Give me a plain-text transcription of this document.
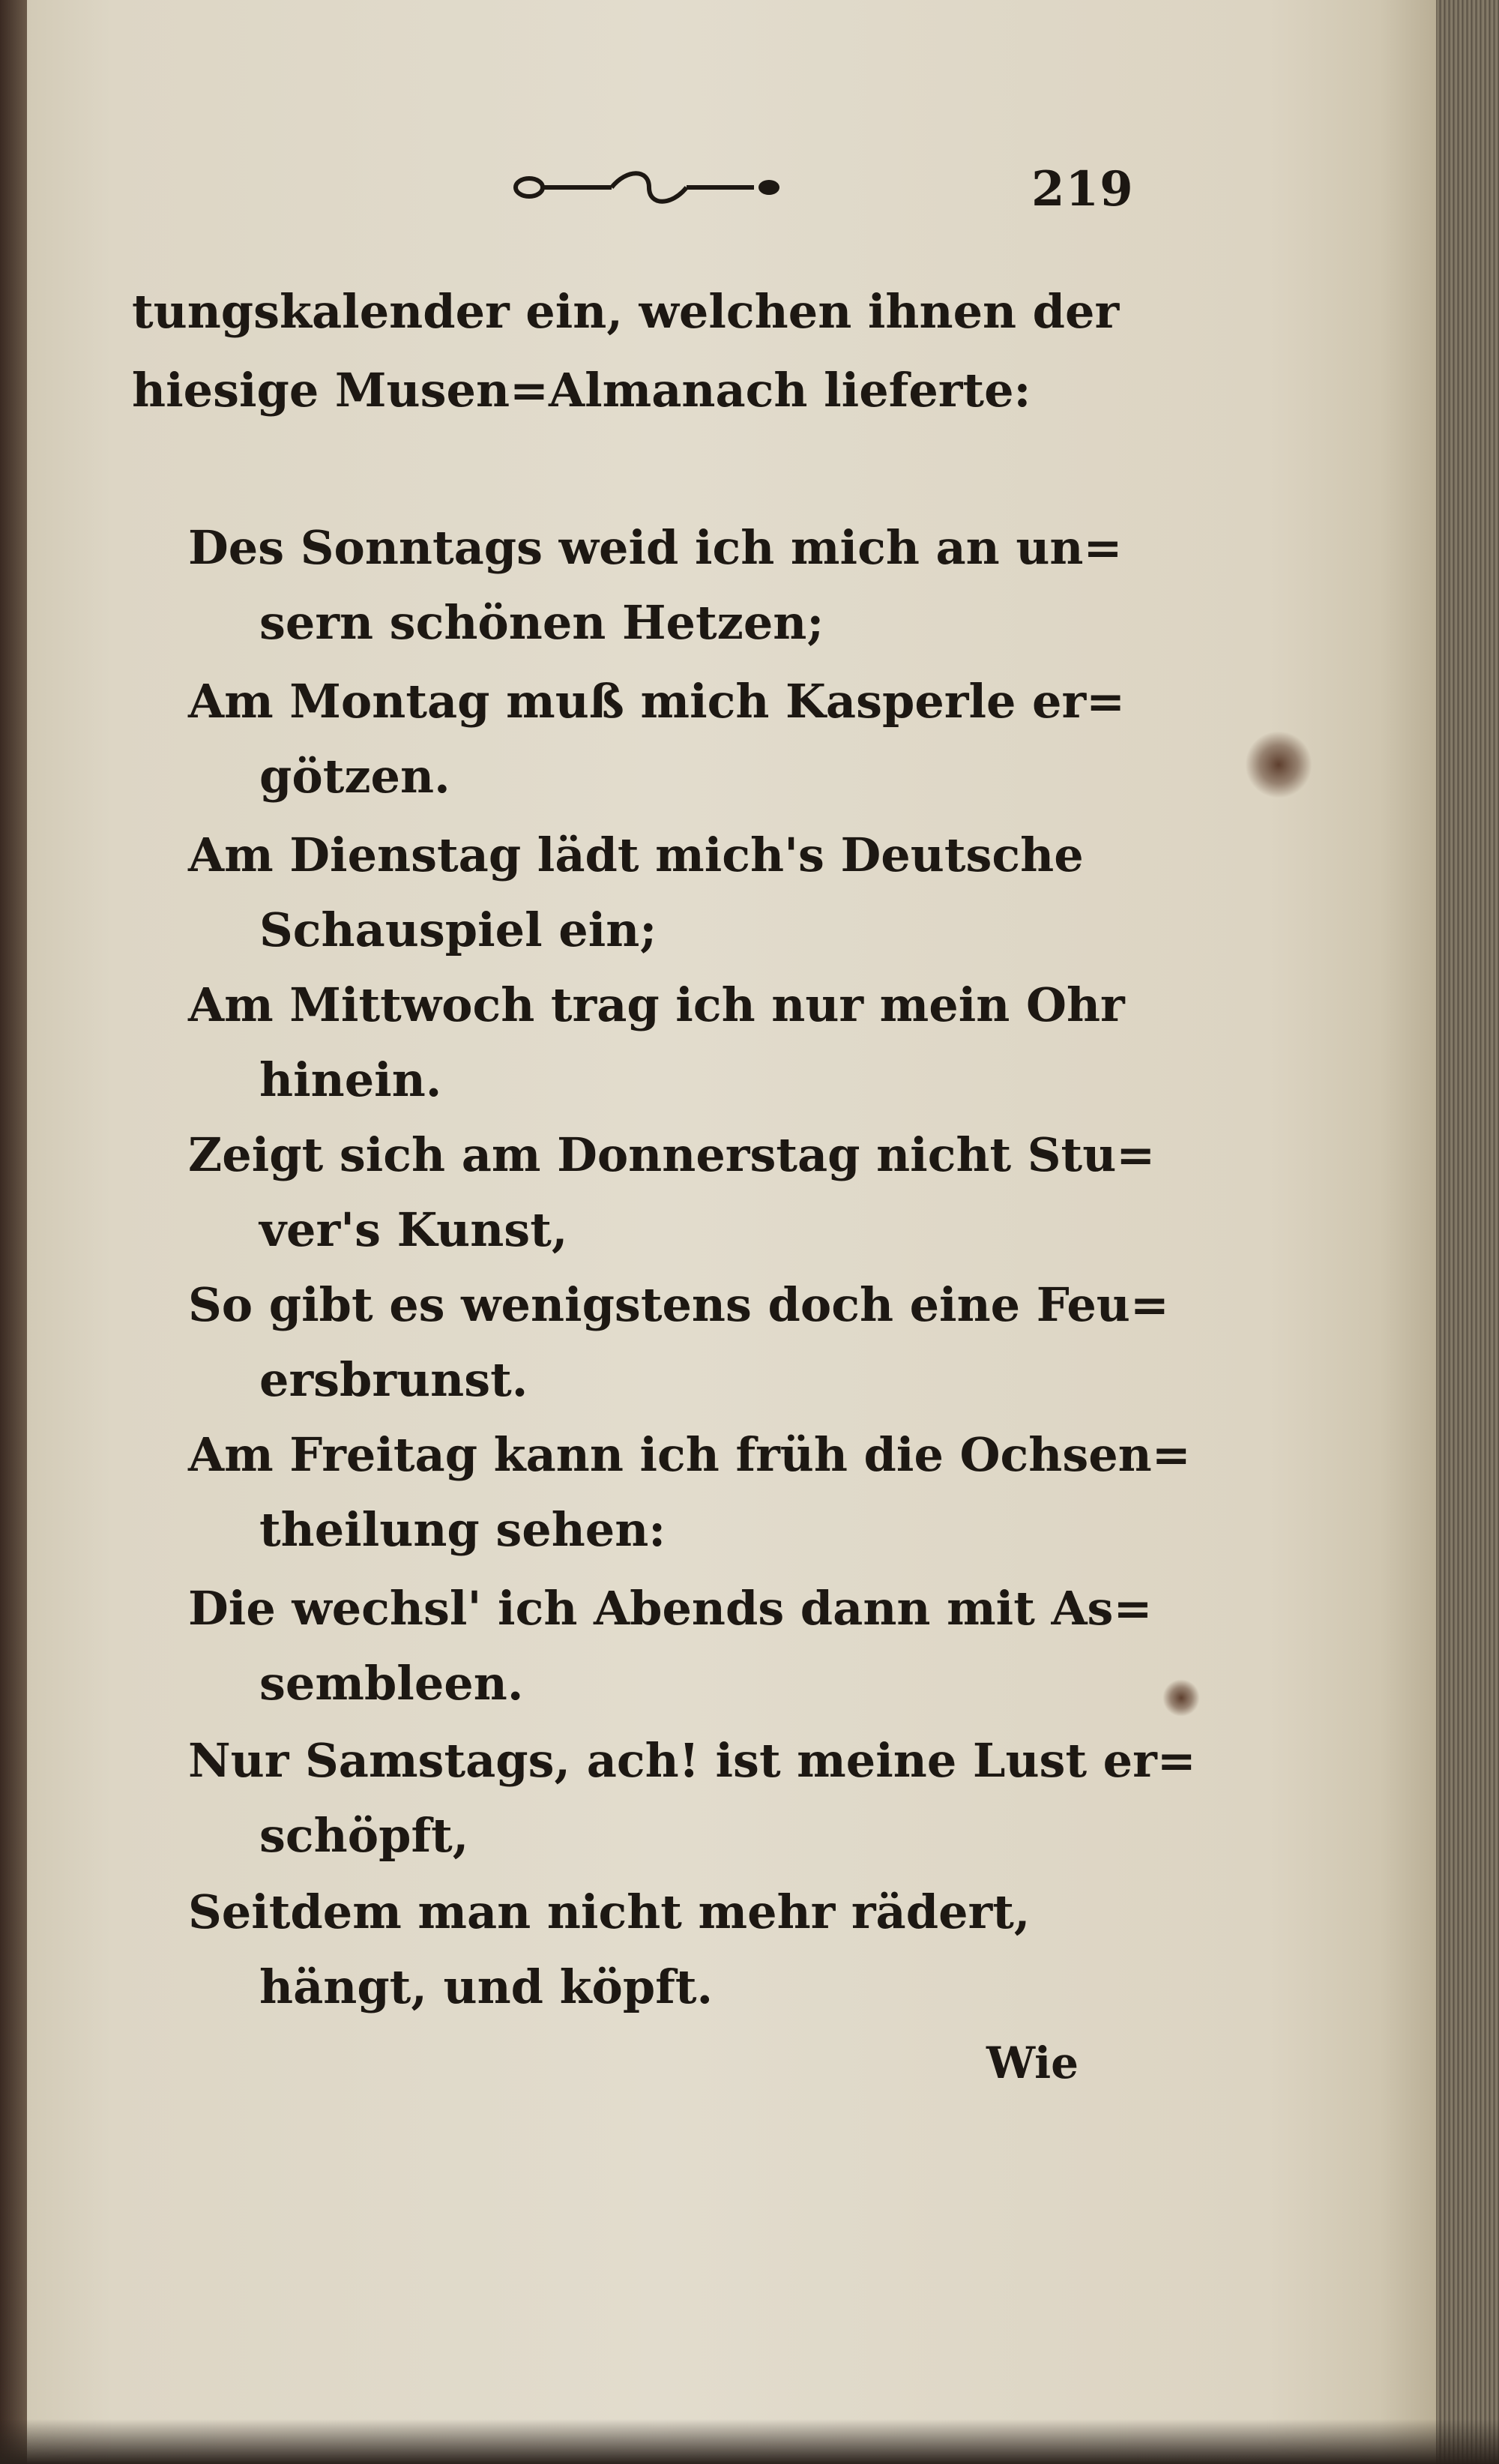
219
tungskalender ein, welchen ihnen der
hiesige Musen=Almanach lieferte:
Des Sonntags weid ich mich an un=
sern schönen Hetzen;
Am Montag muß mich Kasperle er=
götzen.
Am Dienstag lädt mich's Deutsche
Schauspiel ein;
Am Mittwoch trag ich nur mein Ohr
hinein.
Zeigt sich am Donnerstag nicht Stu=
ver's Kunst,
So gibt es wenigstens doch eine Feu=
ersbrunst.
Am Freitag kann ich früh die Ochsen=
theilung sehen:
Die wechsl' ich Abends dann mit As=
sembleen.
Nur Samstags, ach! ist meine Lust er=
schöpft,
Seitdem man nicht mehr rädert,
hängt, und köpft.
Wie
